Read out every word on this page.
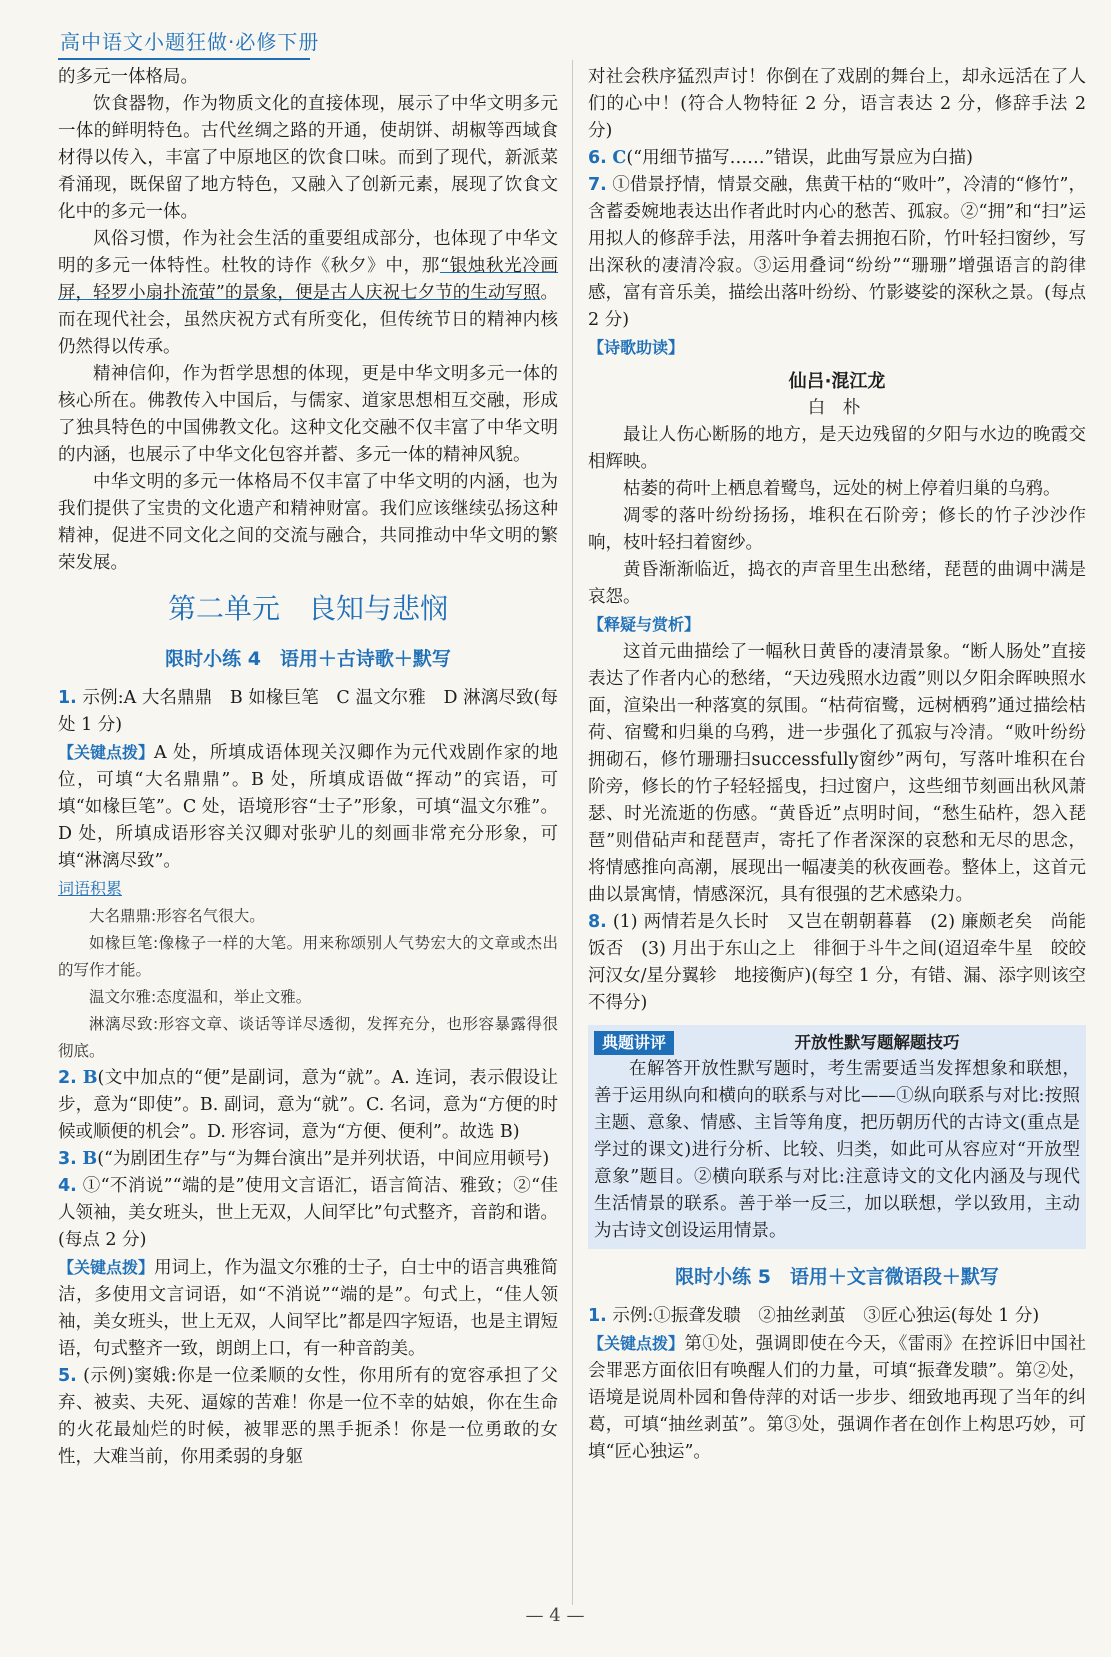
高中语文小题狂做·必修下册

的多元一体格局。

饮食器物，作为物质文化的直接体现，展示了中华文明多元一体的鲜明特色。古代丝绸之路的开通，使胡饼、胡椒等西域食材得以传入，丰富了中原地区的饮食口味。而到了现代，新派菜肴涌现，既保留了地方特色，又融入了创新元素，展现了饮食文化中的多元一体。

风俗习惯，作为社会生活的重要组成部分，也体现了中华文明的多元一体特性。杜牧的诗作《秋夕》中，那“银烛秋光冷画屏，轻罗小扇扑流萤”的景象，便是古人庆祝七夕节的生动写照。而在现代社会，虽然庆祝方式有所变化，但传统节日的精神内核仍然得以传承。

精神信仰，作为哲学思想的体现，更是中华文明多元一体的核心所在。佛教传入中国后，与儒家、道家思想相互交融，形成了独具特色的中国佛教文化。这种文化交融不仅丰富了中华文明的内涵，也展示了中华文化包容并蓄、多元一体的精神风貌。

中华文明的多元一体格局不仅丰富了中华文明的内涵，也为我们提供了宝贵的文化遗产和精神财富。我们应该继续弘扬这种精神，促进不同文化之间的交流与融合，共同推动中华文明的繁荣发展。

第二单元　良知与悲悯
限时小练 4　语用＋古诗歌＋默写

1. 示例:A 大名鼎鼎　B 如椽巨笔　C 温文尔雅　D 淋漓尽致(每处 1 分)

【关键点拨】A 处，所填成语体现关汉卿作为元代戏剧作家的地位，可填“大名鼎鼎”。B 处，所填成语做“挥动”的宾语，可填“如椽巨笔”。C 处，语境形容“士子”形象，可填“温文尔雅”。D 处，所填成语形容关汉卿对张驴儿的刻画非常充分形象，可填“淋漓尽致”。

词语积累

大名鼎鼎:形容名气很大。

如椽巨笔:像椽子一样的大笔。用来称颂别人气势宏大的文章或杰出的写作才能。

温文尔雅:态度温和，举止文雅。

淋漓尽致:形容文章、谈话等详尽透彻，发挥充分，也形容暴露得很彻底。

2. B(文中加点的“便”是副词，意为“就”。A. 连词，表示假设让步，意为“即使”。B. 副词，意为“就”。C. 名词，意为“方便的时候或顺便的机会”。D. 形容词，意为“方便、便利”。故选 B)

3. B(“为剧团生存”与“为舞台演出”是并列状语，中间应用顿号)

4. ①“不消说”“端的是”使用文言语汇，语言简洁、雅致；②“佳人领袖，美女班头，世上无双，人间罕比”句式整齐，音韵和谐。(每点 2 分)

【关键点拨】用词上，作为温文尔雅的士子，白士中的语言典雅简洁，多使用文言词语，如“不消说”“端的是”。句式上，“佳人领袖，美女班头，世上无双，人间罕比”都是四字短语，也是主谓短语，句式整齐一致，朗朗上口，有一种音韵美。

5. (示例)窦娥:你是一位柔顺的女性，你用所有的宽容承担了父弃、被卖、夫死、逼嫁的苦难！你是一位不幸的姑娘，你在生命的火花最灿烂的时候，被罪恶的黑手扼杀！你是一位勇敢的女性，大难当前，你用柔弱的身躯

对社会秩序猛烈声讨！你倒在了戏剧的舞台上，却永远活在了人们的心中！(符合人物特征 2 分，语言表达 2 分，修辞手法 2 分)

6. C(“用细节描写……”错误，此曲写景应为白描)

7. ①借景抒情，情景交融，焦黄干枯的“败叶”，冷清的“修竹”，含蓄委婉地表达出作者此时内心的愁苦、孤寂。②“拥”和“扫”运用拟人的修辞手法，用落叶争着去拥抱石阶，竹叶轻扫窗纱，写出深秋的凄清冷寂。③运用叠词“纷纷”“珊珊”增强语言的韵律感，富有音乐美，描绘出落叶纷纷、竹影婆娑的深秋之景。(每点 2 分)

【诗歌助读】
仙吕·混江龙
白 朴

最让人伤心断肠的地方，是天边残留的夕阳与水边的晚霞交相辉映。

枯萎的荷叶上栖息着鹭鸟，远处的树上停着归巢的乌鸦。

凋零的落叶纷纷扬扬，堆积在石阶旁；修长的竹子沙沙作响，枝叶轻扫着窗纱。

黄昏渐渐临近，捣衣的声音里生出愁绪，琵琶的曲调中满是哀怨。

【释疑与赏析】

这首元曲描绘了一幅秋日黄昏的凄清景象。“断人肠处”直接表达了作者内心的愁绪，“天边残照水边霞”则以夕阳余晖映照水面，渲染出一种落寞的氛围。“枯荷宿鹭，远树栖鸦”通过描绘枯荷、宿鹭和归巢的乌鸦，进一步强化了孤寂与冷清。“败叶纷纷拥砌石，修竹珊珊扫successfully窗纱”两句，写落叶堆积在台阶旁，修长的竹子轻轻摇曳，扫过窗户，这些细节刻画出秋风萧瑟、时光流逝的伤感。“黄昏近”点明时间，“愁生砧杵，怨入琵琶”则借砧声和琵琶声，寄托了作者深深的哀愁和无尽的思念，将情感推向高潮，展现出一幅凄美的秋夜画卷。整体上，这首元曲以景寓情，情感深沉，具有很强的艺术感染力。

8. (1) 两情若是久长时　又岂在朝朝暮暮　(2) 廉颇老矣　尚能饭否　(3) 月出于东山之上　徘徊于斗牛之间(迢迢牵牛星　皎皎河汉女/星分翼轸　地接衡庐)(每空 1 分，有错、漏、添字则该空不得分)

典题讲评	开放性默写题解题技巧

在解答开放性默写题时，考生需要适当发挥想象和联想，善于运用纵向和横向的联系与对比——①纵向联系与对比:按照主题、意象、情感、主旨等角度，把历朝历代的古诗文(重点是学过的课文)进行分析、比较、归类，如此可从容应对“开放型意象”题目。②横向联系与对比:注意诗文的文化内涵及与现代生活情景的联系。善于举一反三，加以联想，学以致用，主动为古诗文创设运用情景。

限时小练 5　语用＋文言微语段＋默写

1. 示例:①振聋发聩　②抽丝剥茧　③匠心独运(每处 1 分)

【关键点拨】第①处，强调即使在今天，《雷雨》在控诉旧中国社会罪恶方面依旧有唤醒人们的力量，可填“振聋发聩”。第②处，语境是说周朴园和鲁侍萍的对话一步步、细致地再现了当年的纠葛，可填“抽丝剥茧”。第③处，强调作者在创作上构思巧妙，可填“匠心独运”。

— 4 —
